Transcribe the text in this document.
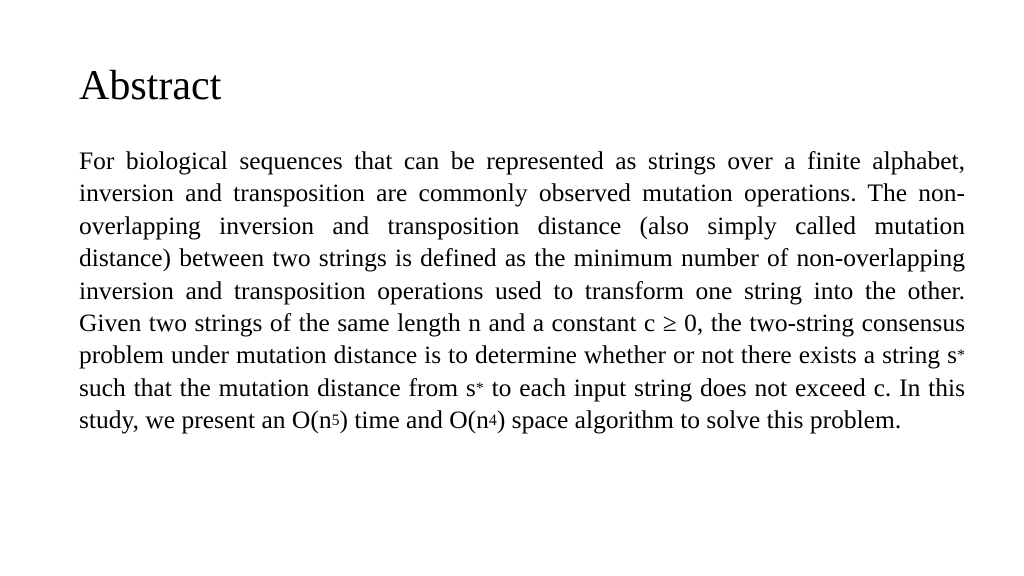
Abstract

For biological sequences that can be represented as strings over a finite alphabet, inversion and transposition are commonly observed mutation operations. The non-overlapping inversion and transposition distance (also simply called mutation distance) between two strings is defined as the minimum number of non-overlapping inversion and transposition operations used to transform one string into the other. Given two strings of the same length n and a constant c ≥ 0, the two-string consensus problem under mutation distance is to determine whether or not there exists a string s* such that the mutation distance from s* to each input string does not exceed c. In this study, we present an $O(n^5)$ time and $O(n^4)$ space algorithm to solve this problem.
